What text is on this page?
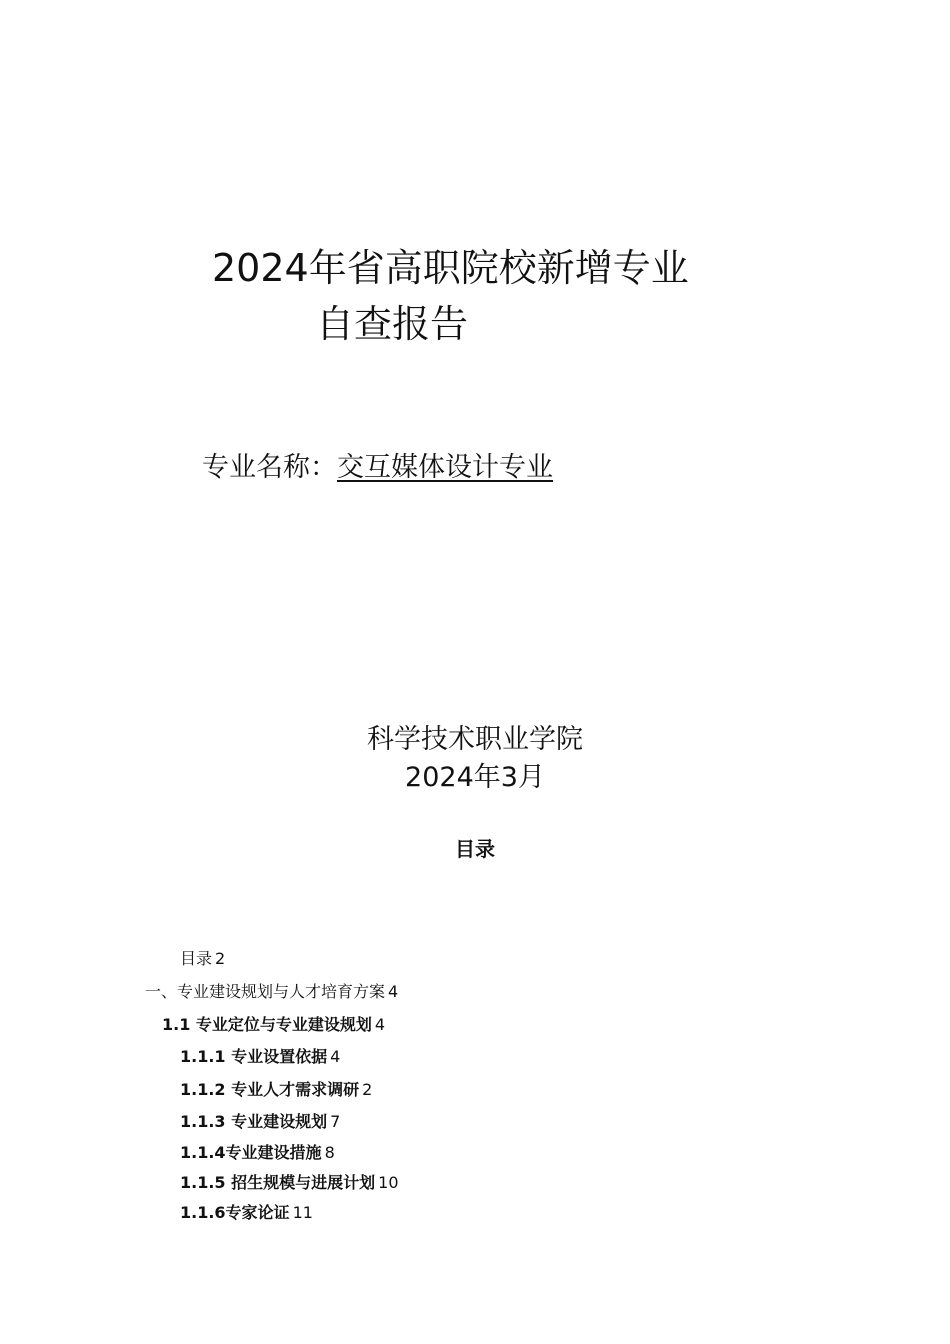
2024年省高职院校新增专业
自查报告
专业名称：交互媒体设计专业
科学技术职业学院
2024年3月
目录
目录 2
一、专业建设规划与人才培育方案 4
1.1 专业定位与专业建设规划 4
1.1.1 专业设置依据 4
1.1.2 专业人才需求调研 2
1.1.3 专业建设规划 7
1.1.4专业建设措施 8
1.1.5 招生规模与进展计划 10
1.1.6专家论证 11
